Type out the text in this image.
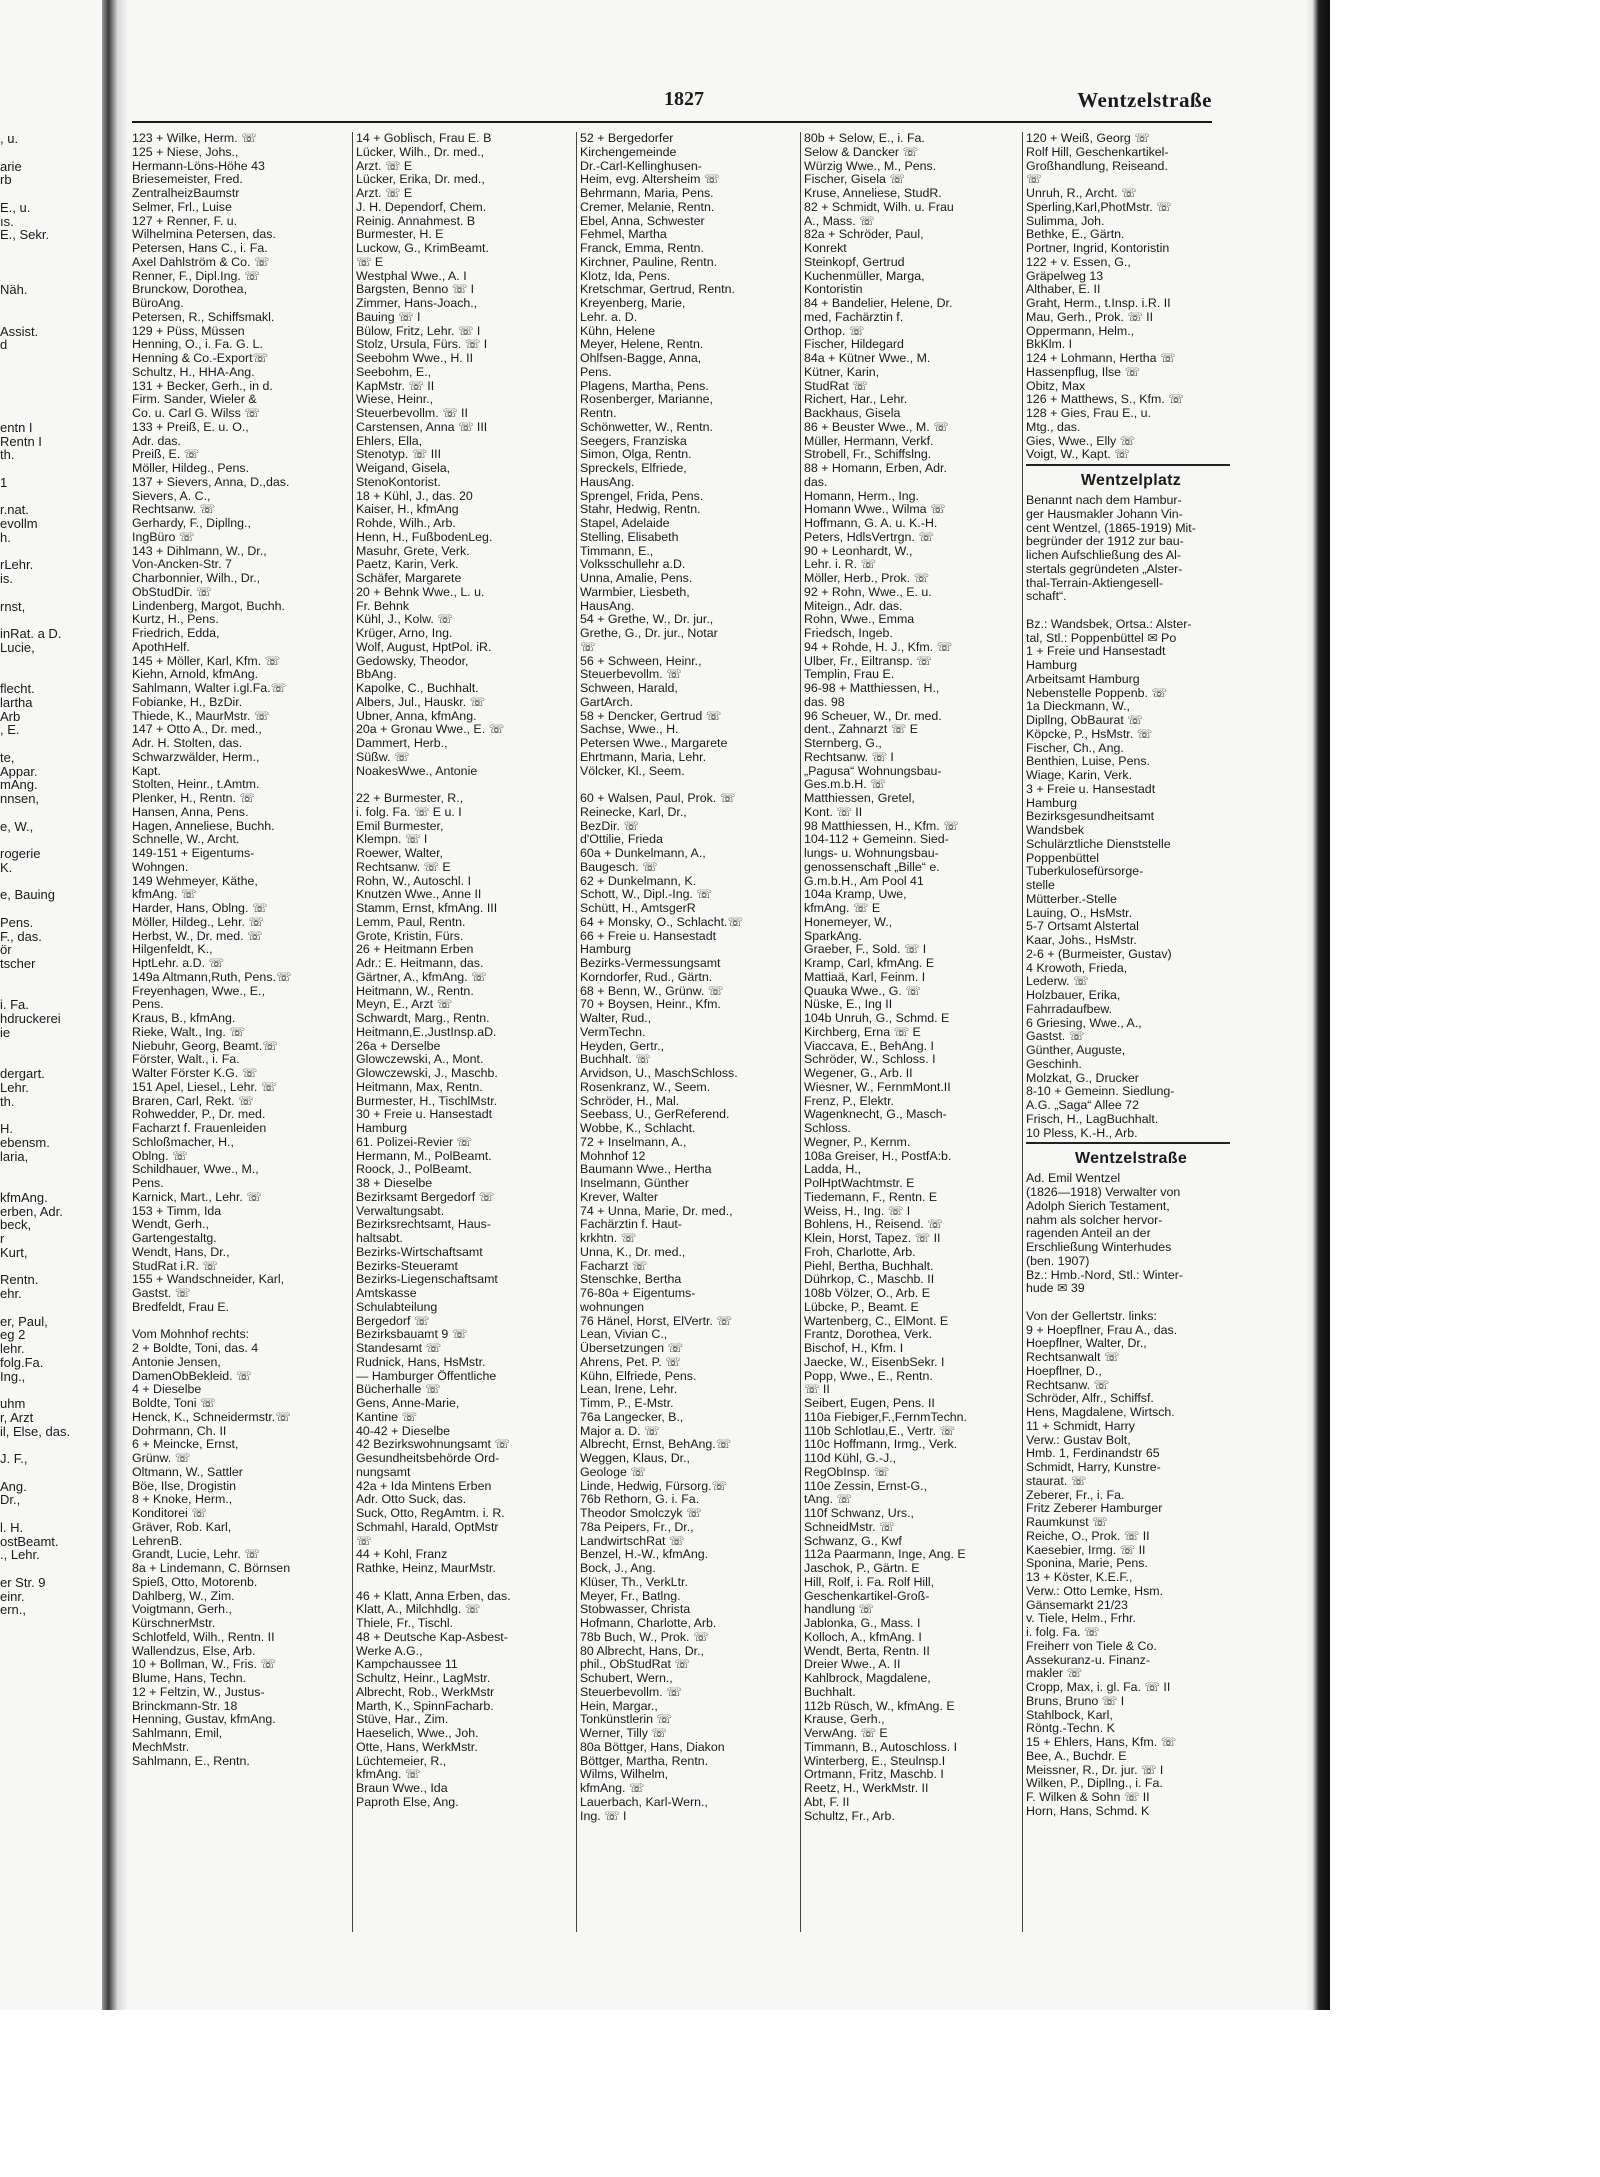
, u.
arie
rb
E., u.
ıs.
E., Sekr.
Näh.
Assist.
d
entn I
Rentn I
th.
1
r.nat.
evollm
h.
rLehr.
is.
rnst,
inRat. a D.
Lucie,
flecht.
lartha
Arb
, E.
te,
Appar.
mAng.
nnsen,
e, W.,
rogerie
K.
e, Bauing
Pens.
F., das.
ör
tscher
i. Fa.
hdruckerei
ie
dergart.
Lehr.
th.
H.
ebensm.
laria,
kfmAng.
erben, Adr.
beck,
r
Kurt,
Rentn.
ehr.
er, Paul,
eg 2
lehr.
folg.Fa.
Ing.,
uhm
r, Arzt
il, Else, das.
J. F.,
Ang.
Dr.,
l. H.
ostBeamt.
., Lehr.
er Str. 9
einr.
ern.,
1827	Wentzelstraße
123 + Wilke, Herm. ☏
125 + Niese, Johs.,
Hermann-Löns-Höhe 43
Briesemeister, Fred.
ZentralheizBaumstr
Selmer, Frl., Luise
127 + Renner, F. u.
Wilhelmina Petersen, das.
Petersen, Hans C., i. Fa.
Axel Dahlström & Co. ☏
Renner, F., Dipl.Ing. ☏
Brunckow, Dorothea,
BüroAng.
Petersen, R., Schiffsmakl.
129 + Püss, Müssen
Henning, O., i. Fa. G. L.
Henning & Co.-Export☏
Schultz, H., HHA-Ang.
131 + Becker, Gerh., in d.
Firm. Sander, Wieler &
Co. u. Carl G. Wilss ☏
133 + Preiß, E. u. O.,
Adr. das.
Preiß, E. ☏
Möller, Hildeg., Pens.
137 + Sievers, Anna, D.,das.
Sievers, A. C.,
Rechtsanw. ☏
Gerhardy, F., Dipllng.,
IngBüro ☏
143 + Dihlmann, W., Dr.,
Von-Ancken-Str. 7
Charbonnier, Wilh., Dr.,
ObStudDir. ☏
Lindenberg, Margot, Buchh.
Kurtz, H., Pens.
Friedrich, Edda,
ApothHelf.
145 + Möller, Karl, Kfm. ☏
Kiehn, Arnold, kfmAng.
Sahlmann, Walter i.gl.Fa.☏
Fobianke, H., BzDir.
Thiede, K., MaurMstr. ☏
147 + Otto A., Dr. med.,
Adr. H. Stolten, das.
Schwarzwälder, Herm.,
Kapt.
Stolten, Heinr., t.Amtm.
Plenker, H., Rentn. ☏
Hansen, Anna, Pens.
Hagen, Anneliese, Buchh.
Schnelle, W., Archt.
149-151 + Eigentums-
Wohngen.
149 Wehmeyer, Käthe,
kfmAng. ☏
Harder, Hans, Oblng. ☏
Möller, Hildeg., Lehr. ☏
Herbst, W., Dr. med. ☏
Hilgenfeldt, K.,
HptLehr. a.D. ☏
149a Altmann,Ruth, Pens.☏
Freyenhagen, Wwe., E.,
Pens.
Kraus, B., kfmAng.
Rieke, Walt., Ing. ☏
Niebuhr, Georg, Beamt.☏
Förster, Walt., i. Fa.
Walter Förster K.G. ☏
151 Apel, Liesel., Lehr. ☏
Braren, Carl, Rekt. ☏
Rohwedder, P., Dr. med.
Facharzt f. Frauenleiden
Schloßmacher, H.,
Oblng. ☏
Schildhauer, Wwe., M.,
Pens.
Karnick, Mart., Lehr. ☏
153 + Timm, Ida
Wendt, Gerh.,
Gartengestaltg.
Wendt, Hans, Dr.,
StudRat i.R. ☏
155 + Wandschneider, Karl,
Gastst. ☏
Bredfeldt, Frau E.

Vom Mohnhof rechts:
2 + Boldte, Toni, das. 4
Antonie Jensen,
DamenObBekleid. ☏
4 + Dieselbe
Boldte, Toni ☏
Henck, K., Schneidermstr.☏
Dohrmann, Ch. II
6 + Meincke, Ernst,
Grünw. ☏
Oltmann, W., Sattler
Böe, Ilse, Drogistin
8 + Knoke, Herm.,
Konditorei ☏
Gräver, Rob. Karl,
LehrenB.
Grandt, Lucie, Lehr. ☏
8a + Lindemann, C. Börnsen
Spieß, Otto, Motorenb.
Dahlberg, W., Zim.
Voigtmann, Gerh.,
KürschnerMstr.
Schlotfeld, Wilh., Rentn. II
Wallendzus, Else, Arb.
10 + Bollman, W., Fris. ☏
Blume, Hans, Techn.
12 + Feltzin, W., Justus-
Brinckmann-Str. 18
Henning, Gustav, kfmAng.
Sahlmann, Emil,
MechMstr.
Sahlmann, E., Rentn.
14 + Goblisch, Frau E. B
Lücker, Wilh., Dr. med.,
Arzt. ☏ E
Lücker, Erika, Dr. med.,
Arzt. ☏ E
J. H. Dependorf, Chem.
Reinig. Annahmest. B
Burmester, H. E
Luckow, G., KrimBeamt.
☏ E
Westphal Wwe., A. I
Bargsten, Benno ☏ I
Zimmer, Hans-Joach.,
Bauing ☏ I
Bülow, Fritz, Lehr. ☏ I
Stolz, Ursula, Fürs. ☏ I
Seebohm Wwe., H. II
Seebohm, E.,
KapMstr. ☏ II
Wiese, Heinr.,
Steuerbevollm. ☏ II
Carstensen, Anna ☏ III
Ehlers, Ella,
Stenotyp. ☏ III
Weigand, Gisela,
StenoKontorist.
18 + Kühl, J., das. 20
Kaiser, H., kfmAng
Rohde, Wilh., Arb.
Henn, H., FußbodenLeg.
Masuhr, Grete, Verk.
Paetz, Karin, Verk.
Schäfer, Margarete
20 + Behnk Wwe., L. u.
Fr. Behnk
Kühl, J., Kolw. ☏
Krüger, Arno, Ing.
Wolf, August, HptPol. iR.
Gedowsky, Theodor,
BbAng.
Kapolke, C., Buchhalt.
Albers, Jul., Hauskr. ☏
Ubner, Anna, kfmAng.
20a + Gronau Wwe., E. ☏
Dammert, Herb.,
Süßw. ☏
NoakesWwe., Antonie

22 + Burmester, R.,
i. folg. Fa. ☏ E u. I
Emil Burmester,
Klempn. ☏ I
Roewer, Walter,
Rechtsanw. ☏ E
Rohn, W., Autoschl. I
Knutzen Wwe., Anne II
Stamm, Ernst, kfmAng. III
Lemm, Paul, Rentn.
Grote, Kristin, Fürs.
26 + Heitmann Erben
Adr.: E. Heitmann, das.
Gärtner, A., kfmAng. ☏
Heitmann, W., Rentn.
Meyn, E., Arzt ☏
Schwardt, Marg., Rentn.
Heitmann,E.,JustInsp.aD.
26a + Derselbe
Glowczewski, A., Mont.
Glowczewski, J., Maschb.
Heitmann, Max, Rentn.
Burmester, H., TischlMstr.
30 + Freie u. Hansestadt
Hamburg
61. Polizei-Revier ☏
Hermann, M., PolBeamt.
Roock, J., PolBeamt.
38 + Dieselbe
Bezirksamt Bergedorf ☏
Verwaltungsabt.
Bezirksrechtsamt, Haus-
haltsabt.
Bezirks-Wirtschaftsamt
Bezirks-Steueramt
Bezirks-Liegenschaftsamt
Amtskasse
Schulabteilung
Bergedorf ☏
Bezirksbauamt 9 ☏
Standesamt ☏
Rudnick, Hans, HsMstr.
— Hamburger Öffentliche
Bücherhalle ☏
Gens, Anne-Marie,
Kantine ☏
40-42 + Dieselbe
42 Bezirkswohnungsamt ☏
Gesundheitsbehörde Ord-
nungsamt
42a + Ida Mintens Erben
Adr. Otto Suck, das.
Suck, Otto, RegAmtm. i. R.
Schmahl, Harald, OptMstr
☏
44 + Kohl, Franz
Rathke, Heinz, MaurMstr.

46 + Klatt, Anna Erben, das.
Klatt, A., Milchhdlg. ☏
Thiele, Fr., Tischl.
48 + Deutsche Kap-Asbest-
Werke A.G.,
Kampchausseе 11
Schultz, Heinr., LagMstr.
Albrecht, Rob., WerkMstr
Marth, K., SpinnFacharb.
Stüve, Har., Zim.
Haeselich, Wwe., Joh.
Otte, Hans, WerkMstr.
Lüchtemeier, R.,
kfmAng. ☏
Braun Wwe., Ida
Paproth Else, Ang.
52 + Bergedorfer
Kirchengemeinde
Dr.-Carl-Kellinghusen-
Heim, evg. Altersheim ☏
Behrmann, Maria, Pens.
Cremer, Melanie, Rentn.
Ebel, Anna, Schwester
Fehmel, Martha
Franck, Emma, Rentn.
Kirchner, Pauline, Rentn.
Klotz, Ida, Pens.
Kretschmar, Gertrud, Rentn.
Kreyenberg, Marie,
Lehr. a. D.
Kühn, Helene
Meyer, Helene, Rentn.
Ohlfsen-Bagge, Anna,
Pens.
Plagens, Martha, Pens.
Rosenberger, Marianne,
Rentn.
Schönwetter, W., Rentn.
Seegers, Franziska
Simon, Olga, Rentn.
Spreckels, Elfriede,
HausAng.
Sprengel, Frida, Pens.
Stahr, Hedwig, Rentn.
Stapel, Adelaide
Stelling, Elisabeth
Timmann, E.,
Volksschullehr a.D.
Unna, Amalie, Pens.
Warmbier, Liesbeth,
HausAng.
54 + Grethe, W., Dr. jur.,
Grethe, G., Dr. jur., Notar
☏
56 + Schween, Heinr.,
Steuerbevollm. ☏
Schween, Harald,
GartArch.
58 + Dencker, Gertrud ☏
Sachse, Wwe., H.
Petersen Wwe., Margarete
Ehrtmann, Maria, Lehr.
Völcker, Kl., Seem.

60 + Walsen, Paul, Prok. ☏
Reinecke, Karl, Dr.,
BezDir. ☏
d'Ottilie, Frieda
60a + Dunkelmann, A.,
Baugesch. ☏
62 + Dunkelmann, K.
Schott, W., Dipl.-Ing. ☏
Schütt, H., AmtsgerR
64 + Monsky, O., Schlacht.☏
66 + Freie u. Hansestadt
Hamburg
Bezirks-Vermessungsamt
Korndorfer, Rud., Gärtn.
68 + Benn, W., Grünw. ☏
70 + Boysen, Heinr., Kfm.
Walter, Rud.,
VermTechn.
Heyden, Gertr.,
Buchhalt. ☏
Arvidson, U., MaschSchloss.
Rosenkranz, W., Seem.
Schröder, H., Mal.
Seebass, U., GerReferend.
Wobbe, K., Schlacht.
72 + Inselmann, A.,
Mohnhof 12
Baumann Wwe., Hertha
Inselmann, Günther
Krever, Walter
74 + Unna, Marie, Dr. med.,
Fachärztin f. Haut-
krkhtn. ☏
Unna, K., Dr. med.,
Facharzt ☏
Stenschke, Bertha
76-80a + Eigentums-
wohnungen
76 Hänel, Horst, ElVertr. ☏
Lean, Vivian C.,
Übersetzungen ☏
Ahrens, Pet. P. ☏
Kühn, Elfriede, Pens.
Lean, Irene, Lehr.
Timm, P., E-Mstr.
76a Langecker, B.,
Major a. D. ☏
Albrecht, Ernst, BehAng.☏
Weggen, Klaus, Dr.,
Geologe ☏
Linde, Hedwig, Fürsorg.☏
76b Rethorn, G. i. Fa.
Theodor Smolczyk ☏
78a Peipers, Fr., Dr.,
LandwirtschRat ☏
Benzel, H.-W., kfmAng.
Bock, J., Ang.
Klüser, Th., VerkLtr.
Meyer, Fr., Batlng.
Stobwasser, Christa
Hofmann, Charlotte, Arb.
78b Buch, W., Prok. ☏
80 Albrecht, Hans, Dr.,
phil., ObStudRat ☏
Schubert, Wern.,
Steuerbevollm. ☏
Hein, Margar.,
Tonkünstlerin ☏
Werner, Tilly ☏
80a Böttger, Hans, Diakon
Böttger, Martha, Rentn.
Wilms, Wilhelm,
kfmAng. ☏
Lauerbach, Karl-Wern.,
Ing. ☏ I
80b + Selow, E., i. Fa.
Selow & Dancker ☏
Würzig Wwe., M., Pens.
Fischer, Gisela ☏
Kruse, Anneliese, StudR.
82 + Schmidt, Wilh. u. Frau
A., Mass. ☏
82a + Schröder, Paul,
Konrekt
Steinkopf, Gertrud
Kuchenmüller, Marga,
Kontoristin
84 + Bandelier, Helene, Dr.
med, Fachärztin f.
Orthop. ☏
Fischer, Hildegard
84a + Kütner Wwe., M.
Kütner, Karin,
StudRat ☏
Richert, Har., Lehr.
Backhaus, Gisela
86 + Beuster Wwe., M. ☏
Müller, Hermann, Verkf.
Strobell, Fr., Schiffslng.
88 + Homann, Erben, Adr.
das.
Homann, Herm., Ing.
Homann Wwe., Wilma ☏
Hoffmann, G. A. u. K.-H.
Peters, HdlsVertrgn. ☏
90 + Leonhardt, W.,
Lehr. i. R. ☏
Möller, Herb., Prok. ☏
92 + Rohn, Wwe., E. u.
Miteign., Adr. das.
Rohn, Wwe., Emma
Friedsch, Ingeb.
94 + Rohde, H. J., Kfm. ☏
Ulber, Fr., Eiltransp. ☏
Templin, Frau E.
96-98 + Matthiessen, H.,
das. 98
96 Scheuer, W., Dr. med.
dent., Zahnarzt ☏ E
Sternberg, G.,
Rechtsanw. ☏ I
„Pagusa“ Wohnungsbau-
Ges.m.b.H. ☏
Matthiessen, Gretel,
Kont. ☏ II
98 Matthiessen, H., Kfm. ☏
104-112 + Gemeinn. Sied-
lungs- u. Wohnungsbau-
genossenschaft „Bille“ e.
G.m.b.H., Am Pool 41
104a Kramp, Uwe,
kfmAng. ☏ E
Honemeyer, W.,
SparkAng.
Graeber, F., Sold. ☏ I
Kramp, Carl, kfmAng. E
Mattiaä, Karl, Feinm. I
Quauka Wwe., G. ☏
Nüske, E., Ing II
104b Unruh, G., Schmd. E
Kirchberg, Erna ☏ E
Viaccava, E., BehAng. I
Schröder, W., Schloss. I
Wegener, G., Arb. II
Wiesner, W., FernmMont.II
Frenz, P., Elektr.
Wagenknecht, G., Masch-
Schloss.
Wegner, P., Kernm.
108a Greiser, H., PostfA:b.
Ladda, H.,
PolHptWachtmstr. E
Tiedemann, F., Rentn. E
Weiss, H., Ing. ☏ I
Bohlens, H., Reisend. ☏
Klein, Horst, Tapez. ☏ II
Froh, Charlotte, Arb.
Piehl, Bertha, Buchhalt.
Dührkop, C., Maschb. II
108b Völzer, O., Arb. E
Lübcke, P., Beamt. E
Wartenberg, C., ElMont. E
Frantz, Dorothea, Verk.
Bischof, H., Kfm. I
Jaecke, W., EisenbSekr. I
Popp, Wwe., E., Rentn.
☏ II
Seibert, Eugen, Pens. II
110a Fiebiger,F.,FernmTechn.
110b Schlotlau,E., Vertr. ☏
110c Hoffmann, Irmg., Verk.
110d Kühl, G.-J.,
RegObInsp. ☏
110e Zessin, Ernst-G.,
tAng. ☏
110f Schwanz, Urs.,
SchneidMstr. ☏
Schwanz, G., Kwf
112a Paarmann, Inge, Ang. E
Jaschok, P., Gärtn. E
Hill, Rolf, i. Fa. Rolf Hill,
Geschenkartikel-Groß-
handlung ☏
Jablonka, G., Mass. I
Kolloch, A., kfmAng. I
Wendt, Berta, Rentn. II
Dreier Wwe., A. II
Kahlbrock, Magdalene,
Buchhalt.
112b Rüsch, W., kfmAng. E
Krause, Gerh.,
VerwAng. ☏ E
Timmann, B., Autoschloss. I
Winterberg, E., Steulnsp.I
Ortmann, Fritz, Maschb. I
Reetz, H., WerkMstr. II
Abt, F. II
Schultz, Fr., Arb.
120 + Weiß, Georg ☏
Rolf Hill, Geschenkartikel-
Großhandlung, Reiseand.
☏
Unruh, R., Archt. ☏
Sperling,Karl,PhotMstr. ☏
Sulimma, Joh.
Bethke, E., Gärtn.
Portner, Ingrid, Kontoristin
122 + v. Essen, G.,
Gräpelweg 13
Althaber, E. II
Graht, Herm., t.Insp. i.R. II
Mau, Gerh., Prok. ☏ II
Oppermann, Helm.,
BkKlm. I
124 + Lohmann, Hertha ☏
Hassenpflug, Ilse ☏
Obitz, Max
126 + Matthews, S., Kfm. ☏
128 + Gies, Frau E., u.
Mtg., das.
Gies, Wwe., Elly ☏
Voigt, W., Kapt. ☏
Wentzelplatz
Benannt nach dem Hambur-
ger Hausmakler Johann Vin-
cent Wentzel, (1865-1919) Mit-
begründer der 1912 zur bau-
lichen Aufschließung des Al-
stertals gegründeten „Alster-
thal-Terrain-Aktiengesell-
schaft“.

Bz.: Wandsbek, Ortsa.: Alster-
tal, Stl.: Poppenbüttel ✉ Po
1 + Freie und Hansestadt
Hamburg
Arbeitsamt Hamburg
Nebenstelle Poppenb. ☏
1a Dieckmann, W.,
Dipllng, ObBaurat ☏
Köpcke, P., HsMstr. ☏
Fischer, Ch., Ang.
Benthien, Luise, Pens.
Wiage, Karin, Verk.
3 + Freie u. Hansestadt
Hamburg
Bezirksgesundheitsamt
Wandsbek
Schulärztliche Dienststelle
Poppenbüttel
Tuberkulosefürsorge-
stelle
Mütterber.-Stelle
Lauing, O., HsMstr.
5-7 Ortsamt Alstertal
Kaar, Johs., HsMstr.
2-6 + (Burmeister, Gustav)
4 Krowoth, Frieda,
Lederw. ☏
Holzbauer, Erika,
Fahrradaufbew.
6 Griesing, Wwe., A.,
Gastst. ☏
Günther, Auguste,
Geschinh.
Molzkat, G., Drucker
8-10 + Gemeinn. Siedlung-
A.G. „Saga“ Allee 72
Frisch, H., LagBuchhalt.
10 Pless, K.-H., Arb.
Wentzelstraße
Ad. Emil Wentzel
(1826—1918) Verwalter von
Adolph Sierich Testament,
nahm als solcher hervor-
ragenden Anteil an der
Erschließung Winterhudes
(ben. 1907)
Bz.: Hmb.-Nord, Stl.: Winter-
hude ✉ 39

Von der Gellertstr. links:
9 + Hoepflner, Frau A., das.
Hoepflner, Walter, Dr.,
Rechtsanwalt ☏
Hoepflner, D.,
Rechtsanw. ☏
Schröder, Alfr., Schiffsf.
Hens, Magdalene, Wirtsch.
11 + Schmidt, Harry
Verw.: Gustav Bolt,
Hmb. 1, Ferdinandstr 65
Schmidt, Harry, Kunstre-
staurat. ☏
Zeberer, Fr., i. Fa.
Fritz Zeberer Hamburger
Raumkunst ☏
Reiche, O., Prok. ☏ II
Kaesebier, Irmg. ☏ II
Sponina, Marie, Pens.
13 + Köster, K.E.F.,
Verw.: Otto Lemke, Hsm.
Gänsemarkt 21/23
v. Tiele, Helm., Frhr.
i. folg. Fa. ☏
Freiherr von Tiele & Co.
Assekuranz-u. Finanz-
makler ☏
Cropp, Max, i. gl. Fa. ☏ II
Bruns, Bruno ☏ I
Stahlbock, Karl,
Röntg.-Techn. K
15 + Ehlers, Hans, Kfm. ☏
Bee, A., Buchdr. E
Meissner, R., Dr. jur. ☏ I
Wilken, P., Dipllng., i. Fa.
F. Wilken & Sohn ☏ II
Horn, Hans, Schmd. K
